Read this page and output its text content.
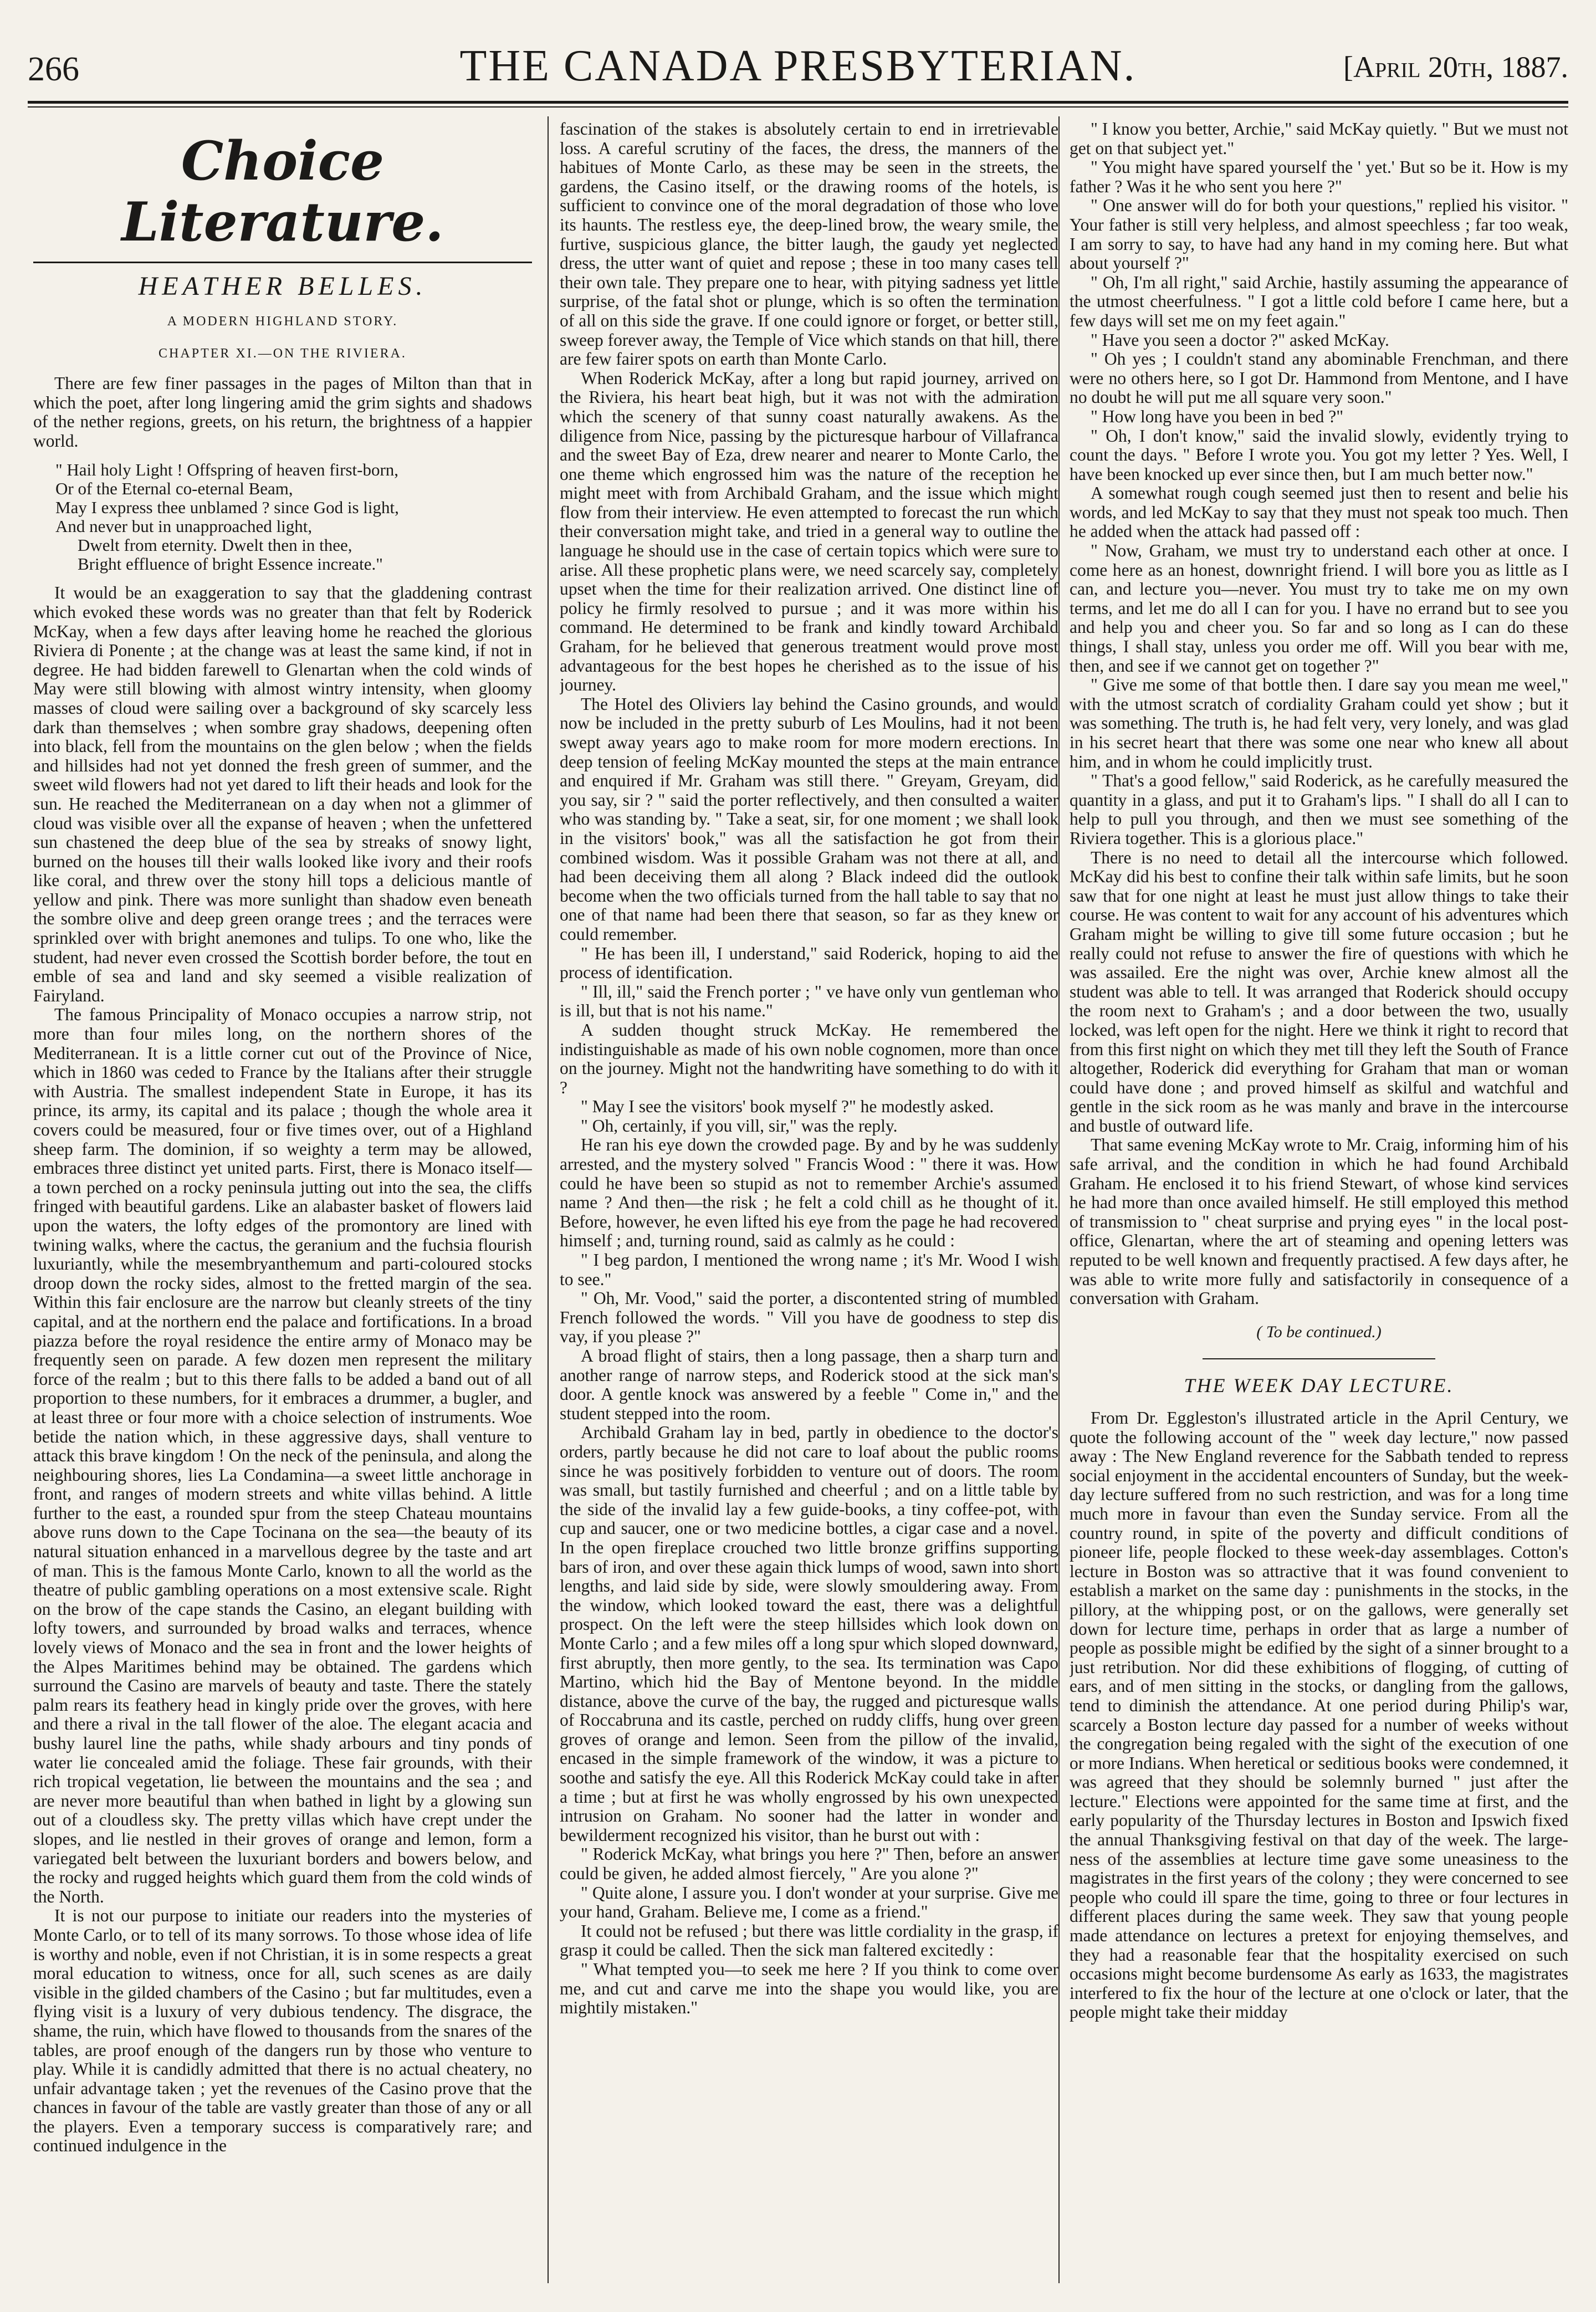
266	THE CANADA PRESBYTERIAN.	[April 20th, 1887.
Choice Literature.
HEATHER BELLES.
A MODERN HIGHLAND STORY.
CHAPTER XI.—ON THE RIVIERA.

There are few finer passages in the pages of Milton than that in which the poet, after long lingering amid the grim sights and shadows of the nether regions, greets, on his return, the brightness of a happier world.

" Hail holy Light ! Offspring of heaven first-born,
Or of the Eternal co-eternal Beam,
May I express thee unblamed ? since God is light,
And never but in unapproached light,
Dwelt from eternity. Dwelt then in thee,
Bright effluence of bright Essence increate."

It would be an exaggeration to say that the gladdening contrast which evoked these words was no greater than that felt by Roderick McKay, when a few days after leaving home he reached the glorious Riviera di Ponente ; at the change was at least the same kind, if not in degree. He had bidden farewell to Glenartan when the cold winds of May were still blowing with almost wintry intensity, when gloomy masses of cloud were sailing over a background of sky scarcely less dark than themselves ; when sombre gray shadows, deepening often into black, fell from the mountains on the glen below ; when the fields and hillsides had not yet donned the fresh green of summer, and the sweet wild flowers had not yet dared to lift their heads and look for the sun. He reached the Mediterranean on a day when not a glimmer of cloud was visible over all the expanse of heaven ; when the unfettered sun chastened the deep blue of the sea by streaks of snowy light, burned on the houses till their walls looked like ivory and their roofs like coral, and threw over the stony hill tops a delicious mantle of yellow and pink. There was more sunlight than shadow even beneath the sombre olive and deep green orange trees ; and the terraces were sprinkled over with bright anemones and tulips. To one who, like the student, had never even crossed the Scottish border before, the tout en emble of sea and land and sky seemed a visible realization of Fairyland.

The famous Principality of Monaco occupies a narrow strip, not more than four miles long, on the northern shores of the Mediterranean. It is a little corner cut out of the Province of Nice, which in 1860 was ceded to France by the Italians after their struggle with Austria. The smallest independent State in Europe, it has its prince, its army, its capital and its palace ; though the whole area it covers could be measured, four or five times over, out of a Highland sheep farm. The dominion, if so weighty a term may be allowed, embraces three distinct yet united parts. First, there is Monaco itself—a town perched on a rocky peninsula jutting out into the sea, the cliffs fringed with beautiful gardens. Like an alabaster basket of flowers laid upon the waters, the lofty edges of the promontory are lined with twining walks, where the cactus, the geranium and the fuchsia flourish luxuriantly, while the mesembryanthemum and parti-coloured stocks droop down the rocky sides, almost to the fretted margin of the sea. Within this fair enclosure are the narrow but cleanly streets of the tiny capital, and at the northern end the palace and fortifications. In a broad piazza before the royal residence the entire army of Monaco may be frequently seen on parade. A few dozen men represent the military force of the realm ; but to this there falls to be added a band out of all proportion to these numbers, for it embraces a drummer, a bugler, and at least three or four more with a choice selection of instruments. Woe betide the nation which, in these aggressive days, shall venture to attack this brave kingdom ! On the neck of the peninsula, and along the neighbouring shores, lies La Condamina—a sweet little anchorage in front, and ranges of modern streets and white villas behind. A little further to the east, a rounded spur from the steep Chateau mountains above runs down to the Cape Tocinana on the sea—the beauty of its natural situation enhanced in a marvellous degree by the taste and art of man. This is the famous Monte Carlo, known to all the world as the theatre of public gambling operations on a most extensive scale. Right on the brow of the cape stands the Casino, an elegant building with lofty towers, and surrounded by broad walks and terraces, whence lovely views of Monaco and the sea in front and the lower heights of the Alpes Maritimes behind may be obtained. The gardens which surround the Casino are marvels of beauty and taste. There the stately palm rears its feathery head in kingly pride over the groves, with here and there a rival in the tall flower of the aloe. The elegant acacia and bushy laurel line the paths, while shady arbours and tiny ponds of water lie concealed amid the foliage. These fair grounds, with their rich tropical vegetation, lie between the mountains and the sea ; and are never more beautiful than when bathed in light by a glowing sun out of a cloudless sky. The pretty villas which have crept under the slopes, and lie nestled in their groves of orange and lemon, form a variegated belt between the luxuriant borders and bowers below, and the rocky and rugged heights which guard them from the cold winds of the North.

It is not our purpose to initiate our readers into the mysteries of Monte Carlo, or to tell of its many sorrows. To those whose idea of life is worthy and noble, even if not Christian, it is in some respects a great moral education to witness, once for all, such scenes as are daily visible in the gilded chambers of the Casino ; but far multitudes, even a flying visit is a luxury of very dubious tendency. The disgrace, the shame, the ruin, which have flowed to thousands from the snares of the tables, are proof enough of the dangers run by those who venture to play. While it is candidly admitted that there is no actual cheatery, no unfair advantage taken ; yet the revenues of the Casino prove that the chances in favour of the table are vastly greater than those of any or all the players. Even a temporary success is comparatively rare; and continued indulgence in the

fascination of the stakes is absolutely certain to end in irretrievable loss. A careful scrutiny of the faces, the dress, the manners of the habitues of Monte Carlo, as these may be seen in the streets, the gardens, the Casino itself, or the drawing rooms of the hotels, is sufficient to convince one of the moral degradation of those who love its haunts. The restless eye, the deep-lined brow, the weary smile, the furtive, suspicious glance, the bitter laugh, the gaudy yet neglected dress, the utter want of quiet and repose ; these in too many cases tell their own tale. They prepare one to hear, with pitying sadness yet little surprise, of the fatal shot or plunge, which is so often the termination of all on this side the grave. If one could ignore or forget, or better still, sweep forever away, the Temple of Vice which stands on that hill, there are few fairer spots on earth than Monte Carlo.

When Roderick McKay, after a long but rapid journey, arrived on the Riviera, his heart beat high, but it was not with the admiration which the scenery of that sunny coast naturally awakens. As the diligence from Nice, passing by the picturesque harbour of Villafranca and the sweet Bay of Eza, drew nearer and nearer to Monte Carlo, the one theme which engrossed him was the nature of the reception he might meet with from Archibald Graham, and the issue which might flow from their interview. He even attempted to forecast the run which their conversation might take, and tried in a general way to outline the language he should use in the case of certain topics which were sure to arise. All these prophetic plans were, we need scarcely say, completely upset when the time for their realization arrived. One distinct line of policy he firmly resolved to pursue ; and it was more within his command. He determined to be frank and kindly toward Archibald Graham, for he believed that generous treatment would prove most advantageous for the best hopes he cherished as to the issue of his journey.

The Hotel des Oliviers lay behind the Casino grounds, and would now be included in the pretty suburb of Les Moulins, had it not been swept away years ago to make room for more modern erections. In deep tension of feeling McKay mounted the steps at the main entrance and enquired if Mr. Graham was still there. " Greyam, Greyam, did you say, sir ? " said the porter reflectively, and then consulted a waiter who was standing by. " Take a seat, sir, for one moment ; we shall look in the visitors' book," was all the satisfaction he got from their combined wisdom. Was it possible Graham was not there at all, and had been deceiving them all along ? Black indeed did the outlook become when the two officials turned from the hall table to say that no one of that name had been there that season, so far as they knew or could remember.

" He has been ill, I understand," said Roderick, hoping to aid the process of identification.

" Ill, ill," said the French porter ; " ve have only vun gentleman who is ill, but that is not his name."

A sudden thought struck McKay. He remembered the indistinguishable as made of his own noble cognomen, more than once on the journey. Might not the handwriting have something to do with it ?

" May I see the visitors' book myself ?" he modestly asked.

" Oh, certainly, if you vill, sir," was the reply.

He ran his eye down the crowded page. By and by he was suddenly arrested, and the mystery solved " Francis Wood : " there it was. How could he have been so stupid as not to remember Archie's assumed name ? And then—the risk ; he felt a cold chill as he thought of it. Before, however, he even lifted his eye from the page he had recovered himself ; and, turning round, said as calmly as he could :

" I beg pardon, I mentioned the wrong name ; it's Mr. Wood I wish to see."

" Oh, Mr. Vood," said the porter, a discontented string of mumbled French followed the words. " Vill you have de goodness to step dis vay, if you please ?"

A broad flight of stairs, then a long passage, then a sharp turn and another range of narrow steps, and Roderick stood at the sick man's door. A gentle knock was answered by a feeble " Come in," and the student stepped into the room.

Archibald Graham lay in bed, partly in obedience to the doctor's orders, partly because he did not care to loaf about the public rooms since he was positively forbidden to venture out of doors. The room was small, but tastily furnished and cheerful ; and on a little table by the side of the invalid lay a few guide-books, a tiny coffee-pot, with cup and saucer, one or two medicine bottles, a cigar case and a novel. In the open fireplace crouched two little bronze griffins supporting bars of iron, and over these again thick lumps of wood, sawn into short lengths, and laid side by side, were slowly smouldering away. From the window, which looked toward the east, there was a delightful prospect. On the left were the steep hillsides which look down on Monte Carlo ; and a few miles off a long spur which sloped downward, first abruptly, then more gently, to the sea. Its termination was Capo Martino, which hid the Bay of Mentone beyond. In the middle distance, above the curve of the bay, the rugged and picturesque walls of Roccabruna and its castle, perched on ruddy cliffs, hung over green groves of orange and lemon. Seen from the pillow of the invalid, encased in the simple framework of the window, it was a picture to soothe and satisfy the eye. All this Roderick McKay could take in after a time ; but at first he was wholly engrossed by his own unexpected intrusion on Graham. No sooner had the latter in wonder and bewilderment recognized his visitor, than he burst out with :

" Roderick McKay, what brings you here ?" Then, before an answer could be given, he added almost fiercely, " Are you alone ?"

" Quite alone, I assure you. I don't wonder at your surprise. Give me your hand, Graham. Believe me, I come as a friend."

It could not be refused ; but there was little cordiality in the grasp, if grasp it could be called. Then the sick man faltered excitedly :

" What tempted you—to seek me here ? If you think to come over me, and cut and carve me into the shape you would like, you are mightily mistaken."

" I know you better, Archie," said McKay quietly. " But we must not get on that subject yet."

" You might have spared yourself the ' yet.' But so be it. How is my father ? Was it he who sent you here ?"

" One answer will do for both your questions," replied his visitor. " Your father is still very helpless, and almost speechless ; far too weak, I am sorry to say, to have had any hand in my coming here. But what about yourself ?"

" Oh, I'm all right," said Archie, hastily assuming the appearance of the utmost cheerfulness. " I got a little cold before I came here, but a few days will set me on my feet again."

" Have you seen a doctor ?" asked McKay.

" Oh yes ; I couldn't stand any abominable Frenchman, and there were no others here, so I got Dr. Hammond from Mentone, and I have no doubt he will put me all square very soon."

" How long have you been in bed ?"

" Oh, I don't know," said the invalid slowly, evidently trying to count the days. " Before I wrote you. You got my letter ? Yes. Well, I have been knocked up ever since then, but I am much better now."

A somewhat rough cough seemed just then to resent and belie his words, and led McKay to say that they must not speak too much. Then he added when the attack had passed off :

" Now, Graham, we must try to understand each other at once. I come here as an honest, downright friend. I will bore you as little as I can, and lecture you—never. You must try to take me on my own terms, and let me do all I can for you. I have no errand but to see you and help you and cheer you. So far and so long as I can do these things, I shall stay, unless you order me off. Will you bear with me, then, and see if we cannot get on together ?"

" Give me some of that bottle then. I dare say you mean me weel," with the utmost scratch of cordiality Graham could yet show ; but it was something. The truth is, he had felt very, very lonely, and was glad in his secret heart that there was some one near who knew all about him, and in whom he could implicitly trust.

" That's a good fellow," said Roderick, as he carefully measured the quantity in a glass, and put it to Graham's lips. " I shall do all I can to help to pull you through, and then we must see something of the Riviera together. This is a glorious place."

There is no need to detail all the intercourse which followed. McKay did his best to confine their talk within safe limits, but he soon saw that for one night at least he must just allow things to take their course. He was content to wait for any account of his adventures which Graham might be willing to give till some future occasion ; but he really could not refuse to answer the fire of questions with which he was assailed. Ere the night was over, Archie knew almost all the student was able to tell. It was arranged that Roderick should occupy the room next to Graham's ; and a door between the two, usually locked, was left open for the night. Here we think it right to record that from this first night on which they met till they left the South of France altogether, Roderick did everything for Graham that man or woman could have done ; and proved himself as skilful and watchful and gentle in the sick room as he was manly and brave in the intercourse and bustle of outward life.

That same evening McKay wrote to Mr. Craig, informing him of his safe arrival, and the condition in which he had found Archibald Graham. He enclosed it to his friend Stewart, of whose kind services he had more than once availed himself. He still employed this method of transmission to " cheat surprise and prying eyes " in the local post-office, Glenartan, where the art of steaming and opening letters was reputed to be well known and frequently practised. A few days after, he was able to write more fully and satisfactorily in consequence of a conversation with Graham.

( To be continued.)
THE WEEK DAY LECTURE.

From Dr. Eggleston's illustrated article in the April Century, we quote the following account of the " week day lecture," now passed away : The New England reverence for the Sabbath tended to repress social enjoyment in the accidental encounters of Sunday, but the week-day lecture suffered from no such restriction, and was for a long time much more in favour than even the Sunday service. From all the country round, in spite of the poverty and difficult conditions of pioneer life, people flocked to these week-day assemblages. Cotton's lecture in Boston was so attractive that it was found convenient to establish a market on the same day : punishments in the stocks, in the pillory, at the whipping post, or on the gallows, were generally set down for lecture time, perhaps in order that as large a number of people as possible might be edified by the sight of a sinner brought to a just retribution. Nor did these exhibitions of flogging, of cutting of ears, and of men sitting in the stocks, or dangling from the gallows, tend to diminish the attendance. At one period during Philip's war, scarcely a Boston lecture day passed for a number of weeks without the congregation being regaled with the sight of the execution of one or more Indians. When heretical or seditious books were condemned, it was agreed that they should be solemnly burned " just after the lecture." Elections were appointed for the same time at first, and the early popularity of the Thursday lectures in Boston and Ipswich fixed the annual Thanksgiving festival on that day of the week. The large-ness of the assemblies at lecture time gave some uneasiness to the magistrates in the first years of the colony ; they were concerned to see people who could ill spare the time, going to three or four lectures in different places during the same week. They saw that young people made attendance on lectures a pretext for enjoying themselves, and they had a reasonable fear that the hospitality exercised on such occasions might become burdensome As early as 1633, the magistrates interfered to fix the hour of the lecture at one o'clock or later, that the people might take their midday
